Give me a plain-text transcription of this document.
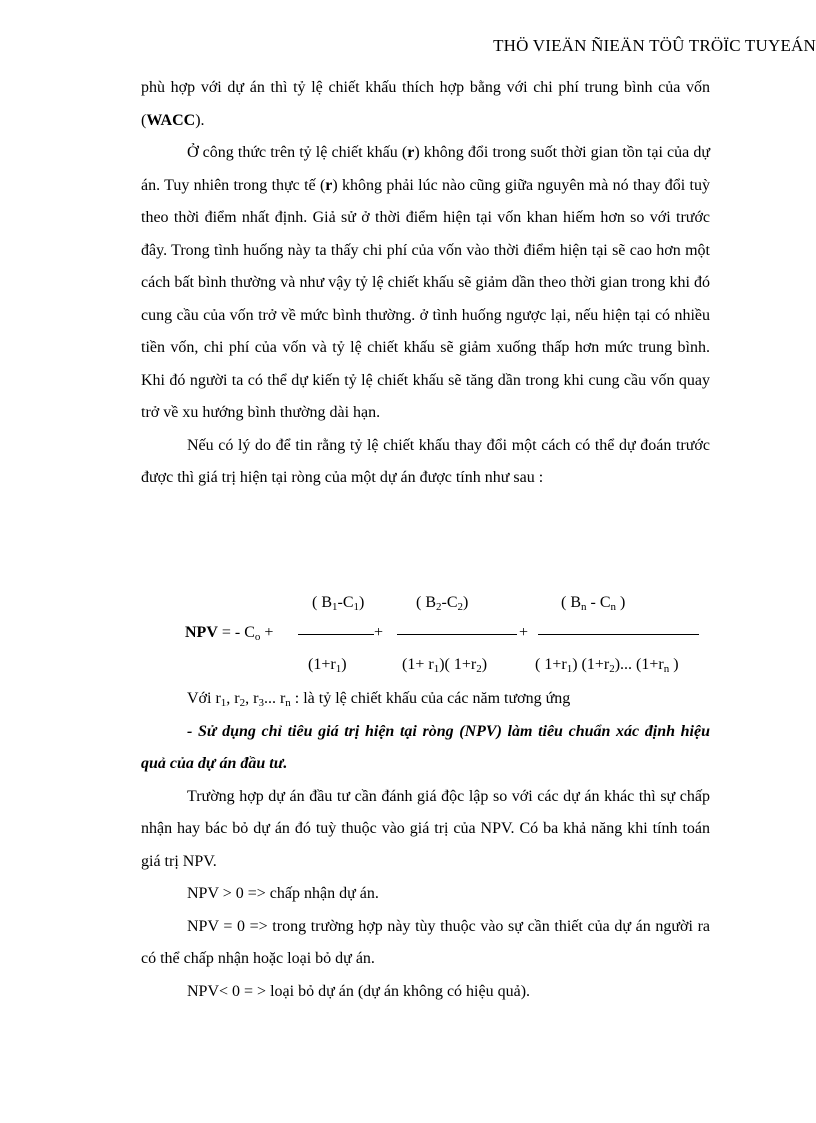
THÖ VIEÄN ÑIEÄN TÖÛ TRÖÏC TUYEÁN

phù hợp với dự án thì tỷ lệ chiết khấu thích hợp bằng với chi phí trung bình của vốn (WACC).

Ở công thức trên tỷ lệ chiết khấu (r) không đổi trong suốt thời gian tồn tại của dự án. Tuy nhiên trong thực tế (r) không phải lúc nào cũng giữa nguyên mà nó thay đổi tuỳ theo thời điểm nhất định. Giả sử ở thời điểm hiện tại vốn khan hiếm hơn so với trước đây. Trong tình huống này ta thấy chi phí của vốn vào thời điểm hiện tại sẽ cao hơn một cách bất bình thường và như vậy tỷ lệ chiết khấu sẽ giảm dần theo thời gian trong khi đó cung cầu của vốn trở về mức bình thường. ở tình huống ngược lại, nếu hiện tại có nhiều tiền vốn, chi phí của vốn và tỷ lệ chiết khấu sẽ giảm xuống thấp hơn mức trung bình. Khi đó người ta có thể dự kiến tỷ lệ chiết khấu sẽ tăng dần trong khi cung cầu vốn quay trở về xu hướng bình thường dài hạn.

Nếu có lý do để tin rằng tỷ lệ chiết khấu thay đổi một cách có thể dự đoán trước được thì giá trị hiện tại ròng của một dự án được tính như sau :

( $B_1-C_1$)	( $B_2-C_2$)	( $B_n - C_n$ )
NPV = - $C_o$ +	+	+
$(1+r_1)$	$(1+ r_1)$( $1+r_2$)	( $1+r_1$) $(1+r_2)$... ($1+r_n$ )

Với $r_1$, $r_2$, $r_3$... $r_n$ : là tỷ lệ chiết khấu của các năm tương ứng

- Sử dụng chỉ tiêu giá trị hiện tại ròng (NPV) làm tiêu chuẩn xác định hiệu quả của dự án đầu tư.

Trường hợp dự án đầu tư cần đánh giá độc lập so với các dự án khác thì sự chấp nhận hay bác bỏ dự án đó tuỳ thuộc vào giá trị của NPV. Có ba khả năng khi tính toán giá trị NPV.

NPV > 0 => chấp nhận dự án.

NPV = 0 => trong trường hợp này tùy thuộc vào sự cần thiết của dự án người ra có thể chấp nhận hoặc loại bỏ dự án.

NPV< 0 = > loại bỏ dự án (dự án không có hiệu quả).
